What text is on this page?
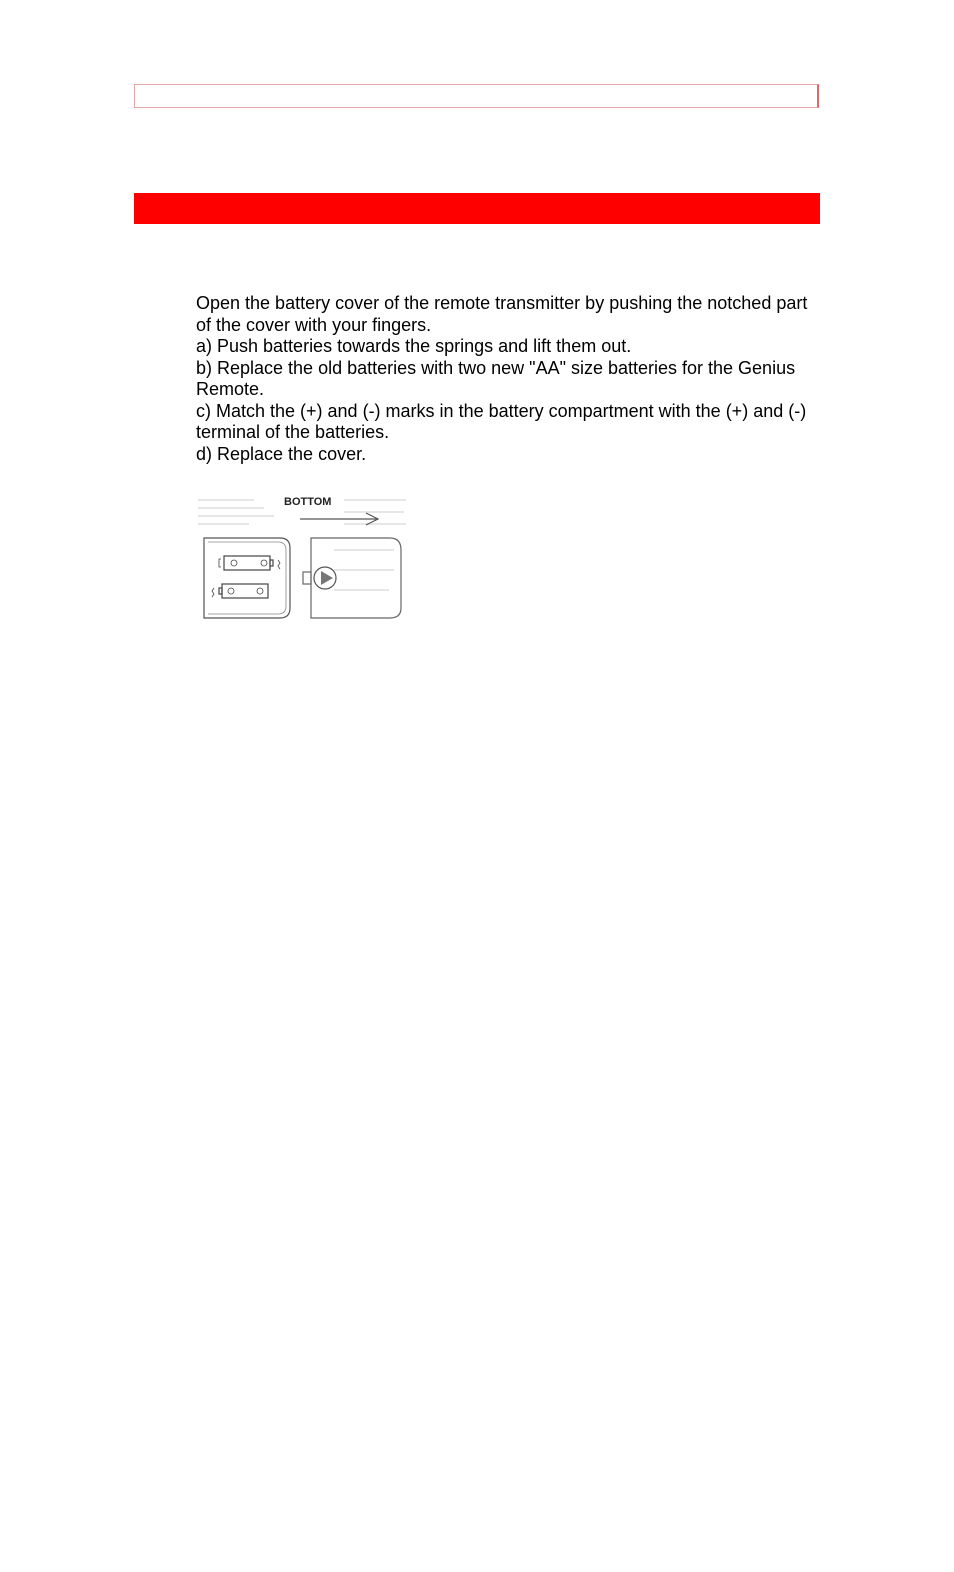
Open the battery cover of the remote transmitter by pushing the notched part of the cover with your fingers.

a) Push batteries towards the springs and lift them out.

b) Replace the old batteries with two new "AA" size batteries for the Genius Remote.

c) Match the (+) and (-) marks in the battery compartment with the (+) and (-) terminal of the batteries.

d) Replace the cover.

BOTTOM
